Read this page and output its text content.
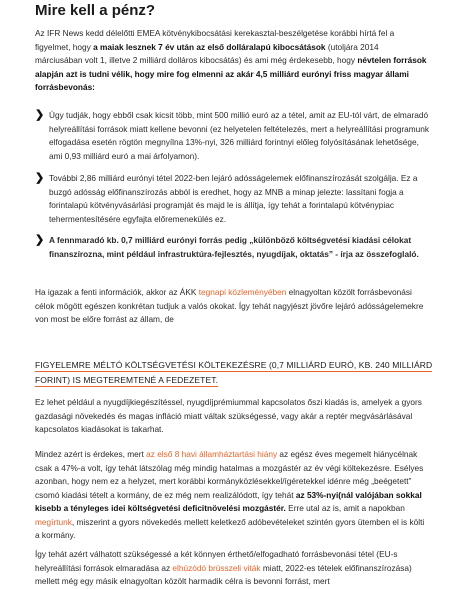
Mire kell a pénz?

Az IFR News kedd délelőtti EMEA kötvénykibocsátási kerekasztal-beszélgetése korábbi hírtá fel a figyelmet, hogy a maiak lesznek 7 év után az első dolláralapú kibocsátások (utoljára 2014 márciusában volt 1, illetve 2 milliárd dolláros kibocsátás) és ami még érdekesebb, hogy névtelen források alapján azt is tudni vélik, hogy mire fog elmenni az akár 4,5 milliárd eurónyi friss magyar állami forrásbevonás:

❯ Úgy tudják, hogy ebből csak kicsit több, mint 500 millió euró az a tétel, amit az EU-tól várt, de elmaradó helyreállítási források miatt kellene bevonni (ez helyetelen feltételezés, mert a helyreállítási programunk elfogadása esetén rögtön megnyílna 13%-nyi, 326 milliárd forintnyi előleg folyósításának lehetősége, ami 0,93 milliárd euró a mai árfolyamon).

❯ További 2,86 milliárd eurónyi tétel 2022-ben lejáró adósságelemek előfinanszírozását szolgálja. Ez a buzgó adósság előfinanszírozás abból is eredhet, hogy az MNB a minap jelezte: lassítani fogja a forintalapú kötvényvásárlási programját és majd le is állítja, így tehát a forintalapú kötvénypiac tehermentesítésére egyfajta előremenekülés ez.

❯ A fennmaradó kb. 0,7 milliárd eurónyi forrás pedig „különböző költségvetési kiadási célokat finanszírozna, mint például infrastruktúra-fejlesztés, nyugdíjak, oktatás” - írja az összefoglaló.

Ha igazak a fenti információk, akkor az ÁKK tegnapi közleményében elnagyoltan közölt forrásbevonási célok mögött egészen konkrétan tudjuk a valós okokat. Így tehát nagyjészt jövőre lejáró adósságelemekre von most be előre forrást az állam, de

FIGYELEMRE MÉLTÓ KÖLTSÉGVETÉSI KÖLTEKEZÉSRE (0,7 MILLIÁRD EURÓ, KB. 240 MILLIÁRD FORINT) IS MEGTEREMTENÉ A FEDEZETET.

Ez lehet például a nyugdíjkiegészítéssel, nyugdíjprémiummal kapcsolatos őszi kiadás is, amelyek a gyors gazdasági növekedés és magas infláció miatt váltak szükségessé, vagy akár a reptér megvásárlásával kapcsolatos kiadásokat is takarhat.

Mindez azért is érdekes, mert az első 8 havi államháztartási hiány az egész éves megemelt hiánycélnak csak a 47%-a volt, így tehát látszólag még mindig hatalmas a mozgástér az év végi költekezésre. Esélyes azonban, hogy nem ez a helyzet, mert korábbi kormányközlésekkel/ígéretekkel idénre még „beégetett” csomó kiadási tételt a kormány, de ez még nem realizálódott, így tehát az 53%-nyi(nál valójában sokkal kisebb a tényleges idei költségvetési deficitnövelési mozgástér. Erre utal az is, amit a napokban megírtunk, miszerint a gyors növekedés mellett keletkező adóbevételeket szintén gyors ütemben el is költi a kormány.

Így tehát azért válhatott szükségessé a két könnyen érthető/elfogadható forrásbevonási tétel (EU-s helyreállítási források elmaradása az elhúzódó brüsszeli viták miatt, 2022-es tételek előfinanszírozása) mellett még egy másik elnagyoltan közölt harmadik célra is bevonni forrást, mert
